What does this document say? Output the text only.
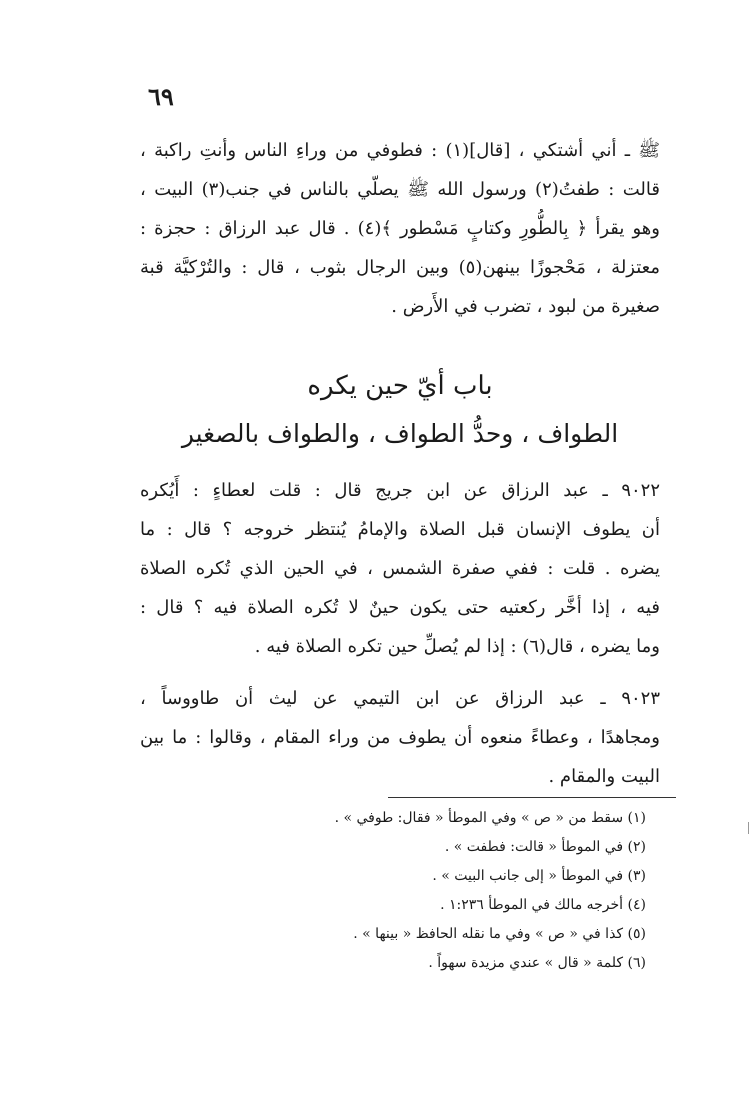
٦٩
ﷺ ـ أني أشتكي ، [قال](١) : فطوفي من وراءِ الناس وأنتِ راكبة ،
قالت : طفتُ(٢) ورسول الله ﷺ يصلّي بالناس في جنب(٣) البيت ،
وهو يقرأ ﴿ بِالطُّورِ وكتابٍ مَسْطور ﴾(٤) . قال عبد الرزاق : حجزة :
معتزلة ، مَحْجوزًا بينهن(٥) وبين الرجال بثوب ، قال : والتُرْكيَّة قبة
صغيرة من لبود ، تضرب في الأَرض .
باب أيّ حين يكره
الطواف ، وحدُّ الطواف ، والطواف بالصغير
٩٠٢٢ ـ عبد الرزاق عن ابن جريج قال : قلت لعطاءٍ : أَيُكره
أن يطوف الإنسان قبل الصلاة والإمامُ يُنتظر خروجه ؟ قال : ما
يضره . قلت : ففي صفرة الشمس ، في الحين الذي تُكره الصلاة
فيه ، إذا أخَّر ركعتيه حتى يكون حينٌ لا تُكره الصلاة فيه ؟ قال :
وما يضره ، قال(٦) : إذا لم يُصلِّ حين تكره الصلاة فيه .
٩٠٢٣ ـ عبد الرزاق عن ابن التيمي عن ليث أن طاووساً ،
ومجاهدًا ، وعطاءً منعوه أن يطوف من وراء المقام ، وقالوا : ما بين
البيت والمقام .
(١) سقط من « ص » وفي الموطأ « فقال: طوفي » .
(٢) في الموطأ « قالت: فطفت » .
(٣) في الموطأ « إلى جانب البيت » .
(٤) أخرجه مالك في الموطأ ١:٢٣٦ .
(٥) كذا في « ص » وفي ما نقله الحافظ « بينها » .
(٦) كلمة « قال » عندي مزيدة سهواً .
